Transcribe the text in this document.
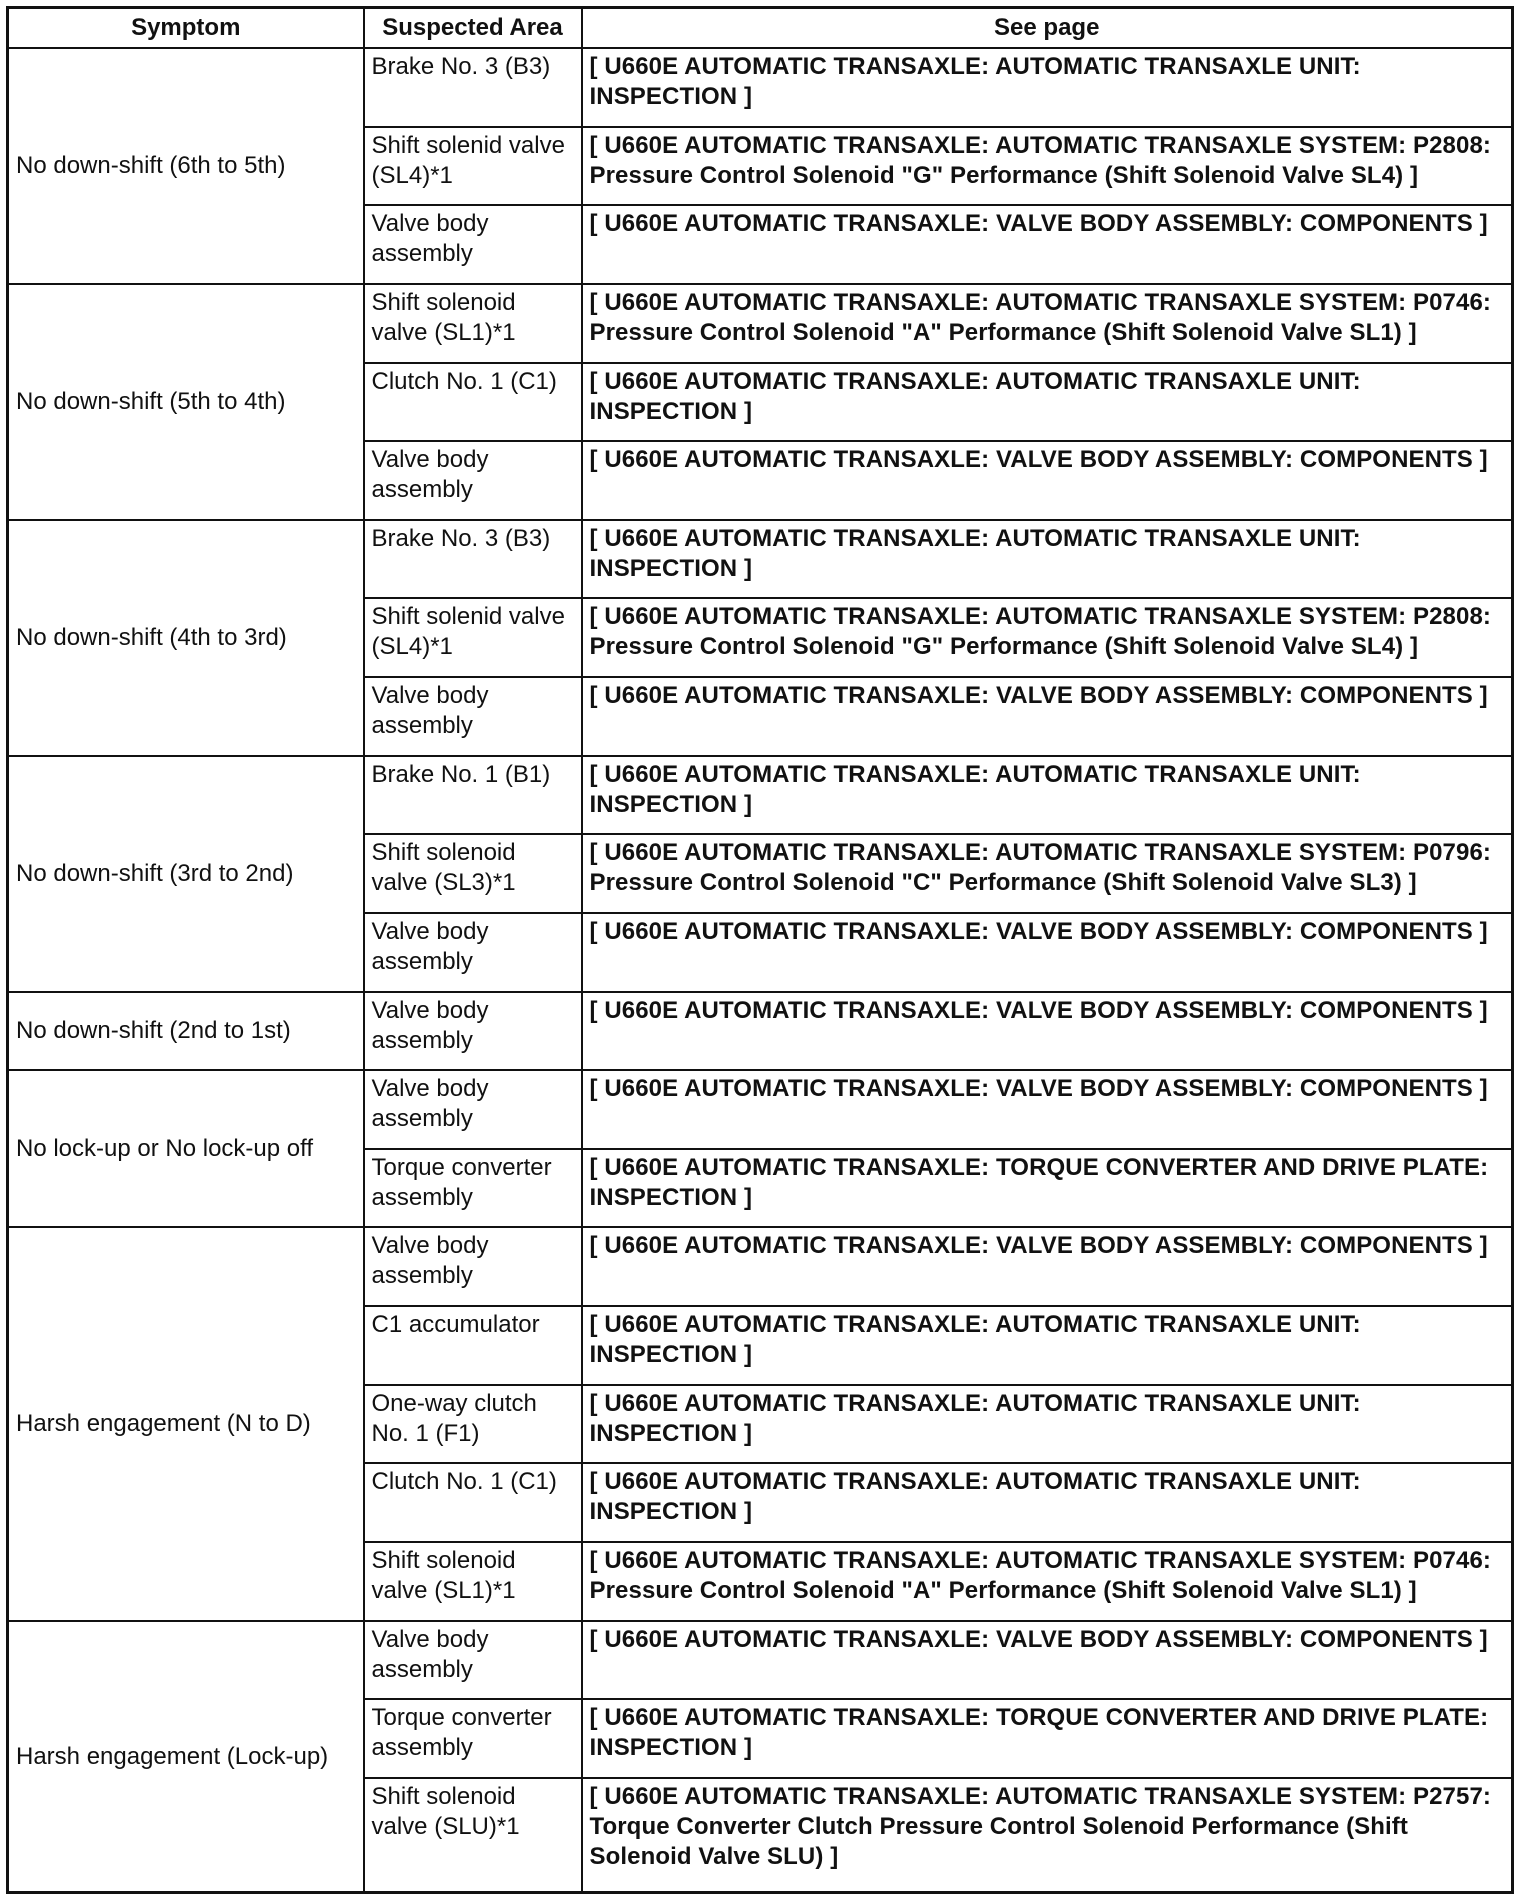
Symptom	Suspected Area	See page
No down-shift (6th to 5th)	Brake No. 3 (B3)	[ U660E AUTOMATIC TRANSAXLE: AUTOMATIC TRANSAXLE UNIT: INSPECTION ]
	Shift solenid valve (SL4)*1	[ U660E AUTOMATIC TRANSAXLE: AUTOMATIC TRANSAXLE SYSTEM: P2808: Pressure Control Solenoid "G" Performance (Shift Solenoid Valve SL4) ]
	Valve body assembly	[ U660E AUTOMATIC TRANSAXLE: VALVE BODY ASSEMBLY: COMPONENTS ]
No down-shift (5th to 4th)	Shift solenoid valve (SL1)*1	[ U660E AUTOMATIC TRANSAXLE: AUTOMATIC TRANSAXLE SYSTEM: P0746: Pressure Control Solenoid "A" Performance (Shift Solenoid Valve SL1) ]
	Clutch No. 1 (C1)	[ U660E AUTOMATIC TRANSAXLE: AUTOMATIC TRANSAXLE UNIT: INSPECTION ]
	Valve body assembly	[ U660E AUTOMATIC TRANSAXLE: VALVE BODY ASSEMBLY: COMPONENTS ]
No down-shift (4th to 3rd)	Brake No. 3 (B3)	[ U660E AUTOMATIC TRANSAXLE: AUTOMATIC TRANSAXLE UNIT: INSPECTION ]
	Shift solenid valve (SL4)*1	[ U660E AUTOMATIC TRANSAXLE: AUTOMATIC TRANSAXLE SYSTEM: P2808: Pressure Control Solenoid "G" Performance (Shift Solenoid Valve SL4) ]
	Valve body assembly	[ U660E AUTOMATIC TRANSAXLE: VALVE BODY ASSEMBLY: COMPONENTS ]
No down-shift (3rd to 2nd)	Brake No. 1 (B1)	[ U660E AUTOMATIC TRANSAXLE: AUTOMATIC TRANSAXLE UNIT: INSPECTION ]
	Shift solenoid valve (SL3)*1	[ U660E AUTOMATIC TRANSAXLE: AUTOMATIC TRANSAXLE SYSTEM: P0796: Pressure Control Solenoid "C" Performance (Shift Solenoid Valve SL3) ]
	Valve body assembly	[ U660E AUTOMATIC TRANSAXLE: VALVE BODY ASSEMBLY: COMPONENTS ]
No down-shift (2nd to 1st)	Valve body assembly	[ U660E AUTOMATIC TRANSAXLE: VALVE BODY ASSEMBLY: COMPONENTS ]
No lock-up or No lock-up off	Valve body assembly	[ U660E AUTOMATIC TRANSAXLE: VALVE BODY ASSEMBLY: COMPONENTS ]
	Torque converter assembly	[ U660E AUTOMATIC TRANSAXLE: TORQUE CONVERTER AND DRIVE PLATE: INSPECTION ]
Harsh engagement (N to D)	Valve body assembly	[ U660E AUTOMATIC TRANSAXLE: VALVE BODY ASSEMBLY: COMPONENTS ]
	C1 accumulator	[ U660E AUTOMATIC TRANSAXLE: AUTOMATIC TRANSAXLE UNIT: INSPECTION ]
	One-way clutch No. 1 (F1)	[ U660E AUTOMATIC TRANSAXLE: AUTOMATIC TRANSAXLE UNIT: INSPECTION ]
	Clutch No. 1 (C1)	[ U660E AUTOMATIC TRANSAXLE: AUTOMATIC TRANSAXLE UNIT: INSPECTION ]
	Shift solenoid valve (SL1)*1	[ U660E AUTOMATIC TRANSAXLE: AUTOMATIC TRANSAXLE SYSTEM: P0746: Pressure Control Solenoid "A" Performance (Shift Solenoid Valve SL1) ]
Harsh engagement (Lock-up)	Valve body assembly	[ U660E AUTOMATIC TRANSAXLE: VALVE BODY ASSEMBLY: COMPONENTS ]
	Torque converter assembly	[ U660E AUTOMATIC TRANSAXLE: TORQUE CONVERTER AND DRIVE PLATE: INSPECTION ]
	Shift solenoid valve (SLU)*1	[ U660E AUTOMATIC TRANSAXLE: AUTOMATIC TRANSAXLE SYSTEM: P2757: Torque Converter Clutch Pressure Control Solenoid Performance (Shift Solenoid Valve SLU) ]
